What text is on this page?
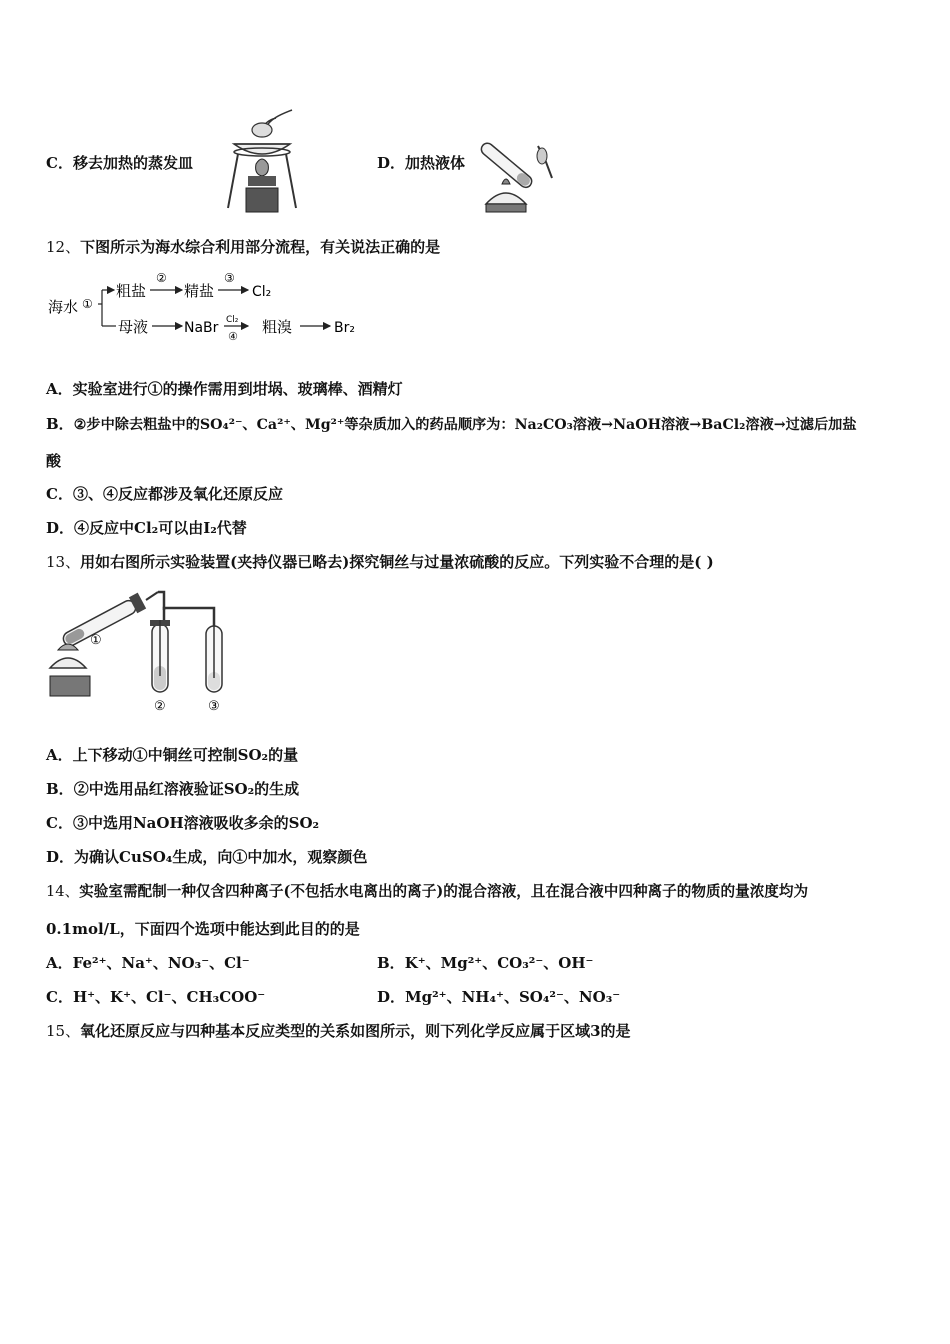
C．移去加热的蒸发皿	D．加热液体
12、下图所示为海水综合利用部分流程，有关说法正确的是
海水 ①
粗盐
②
精盐
③
Cl₂
母液	NaBr Cl₂
④
粗溴	Br₂
A．实验室进行①的操作需用到坩埚、玻璃棒、酒精灯
B．②步中除去粗盐中的SO₄²⁻、Ca²⁺、Mg²⁺等杂质加入的药品顺序为：Na₂CO₃溶液→NaOH溶液→BaCl₂溶液→过滤后加盐
酸
C．③、④反应都涉及氧化还原反应
D．④反应中Cl₂可以由I₂代替
13、用如右图所示实验装置(夹持仪器已略去)探究铜丝与过量浓硫酸的反应。下列实验不合理的是( )
①
②	③
A．上下移动①中铜丝可控制SO₂的量
B．②中选用品红溶液验证SO₂的生成
C．③中选用NaOH溶液吸收多余的SO₂
D．为确认CuSO₄生成，向①中加水，观察颜色
14、实验室需配制一种仅含四种离子(不包括水电离出的离子)的混合溶液，且在混合液中四种离子的物质的量浓度均为
0.1mol/L，下面四个选项中能达到此目的的是
A．Fe²⁺、Na⁺、NO₃⁻、Cl⁻	B．K⁺、Mg²⁺、CO₃²⁻、OH⁻
C．H⁺、K⁺、Cl⁻、CH₃COO⁻	D．Mg²⁺、NH₄⁺、SO₄²⁻、NO₃⁻
15、氧化还原反应与四种基本反应类型的关系如图所示，则下列化学反应属于区域3的是
